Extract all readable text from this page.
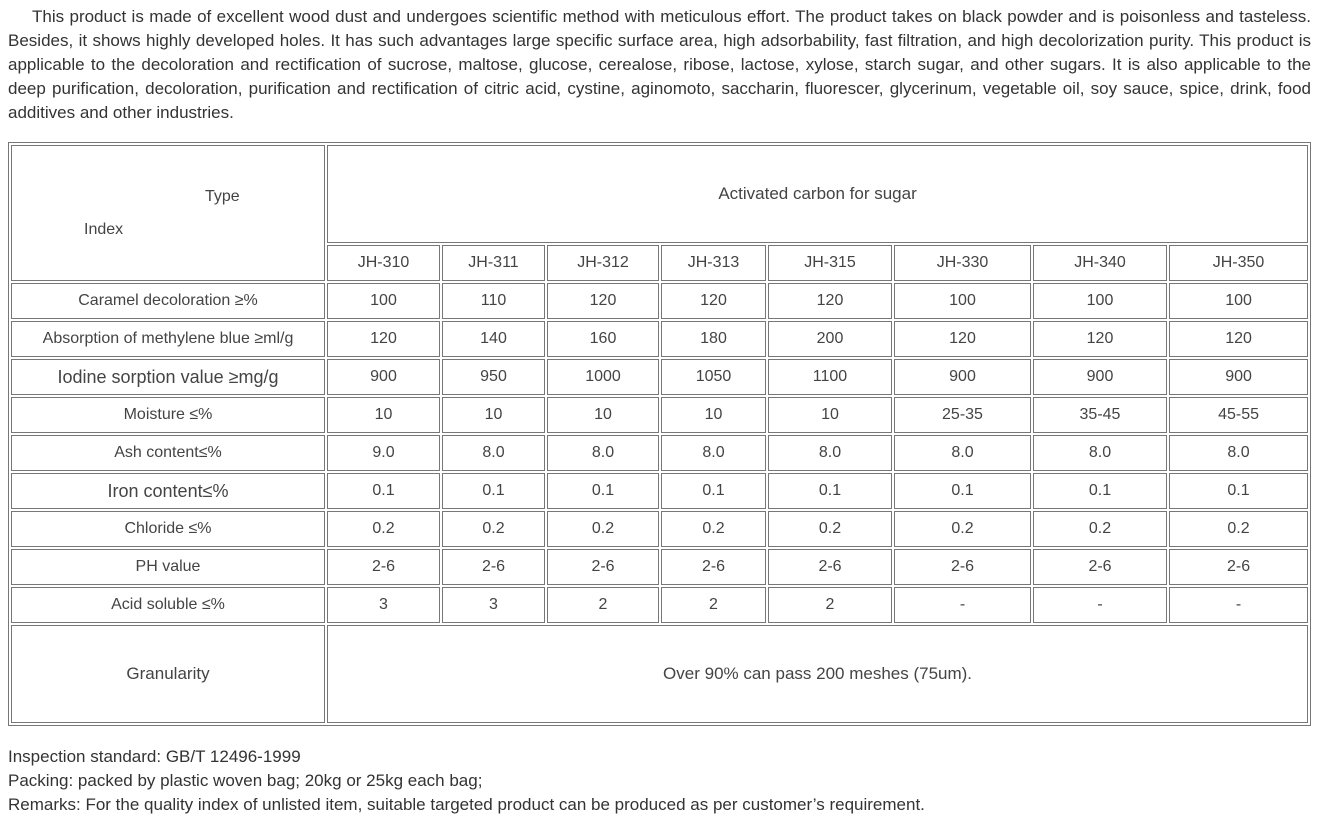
This product is made of excellent wood dust and undergoes scientific method with meticulous effort. The product takes on black powder and is poisonless and tasteless. Besides, it shows highly developed holes. It has such advantages large specific surface area, high adsorbability, fast filtration, and high decolorization purity. This product is applicable to the decoloration and rectification of sucrose, maltose, glucose, cerealose, ribose, lactose, xylose, starch sugar, and other sugars. It is also applicable to the deep purification, decoloration, purification and rectification of citric acid, cystine, aginomoto, saccharin, fluorescer, glycerinum, vegetable oil, soy sauce, spice, drink, food additives and other industries.

Type
Index	Activated carbon for sugar							
	JH-310	JH-311	JH-312	JH-313	JH-315	JH-330	JH-340	JH-350
Caramel decoloration ≥%	100	110	120	120	120	100	100	100
Absorption of methylene blue ≥ml/g	120	140	160	180	200	120	120	120
Iodine sorption value ≥mg/g	900	950	1000	1050	1100	900	900	900
Moisture ≤%	10	10	10	10	10	25-35	35-45	45-55
Ash content≤%	9.0	8.0	8.0	8.0	8.0	8.0	8.0	8.0
Iron content≤%	0.1	0.1	0.1	0.1	0.1	0.1	0.1	0.1
Chloride ≤%	0.2	0.2	0.2	0.2	0.2	0.2	0.2	0.2
PH value	2-6	2-6	2-6	2-6	2-6	2-6	2-6	2-6
Acid soluble ≤%	3	3	2	2	2	-	-	-
Granularity	Over 90% can pass 200 meshes (75um).							
Inspection standard: GB/T 12496-1999
Packing: packed by plastic woven bag; 20kg or 25kg each bag;
Remarks: For the quality index of unlisted item, suitable targeted product can be produced as per customer’s requirement.
